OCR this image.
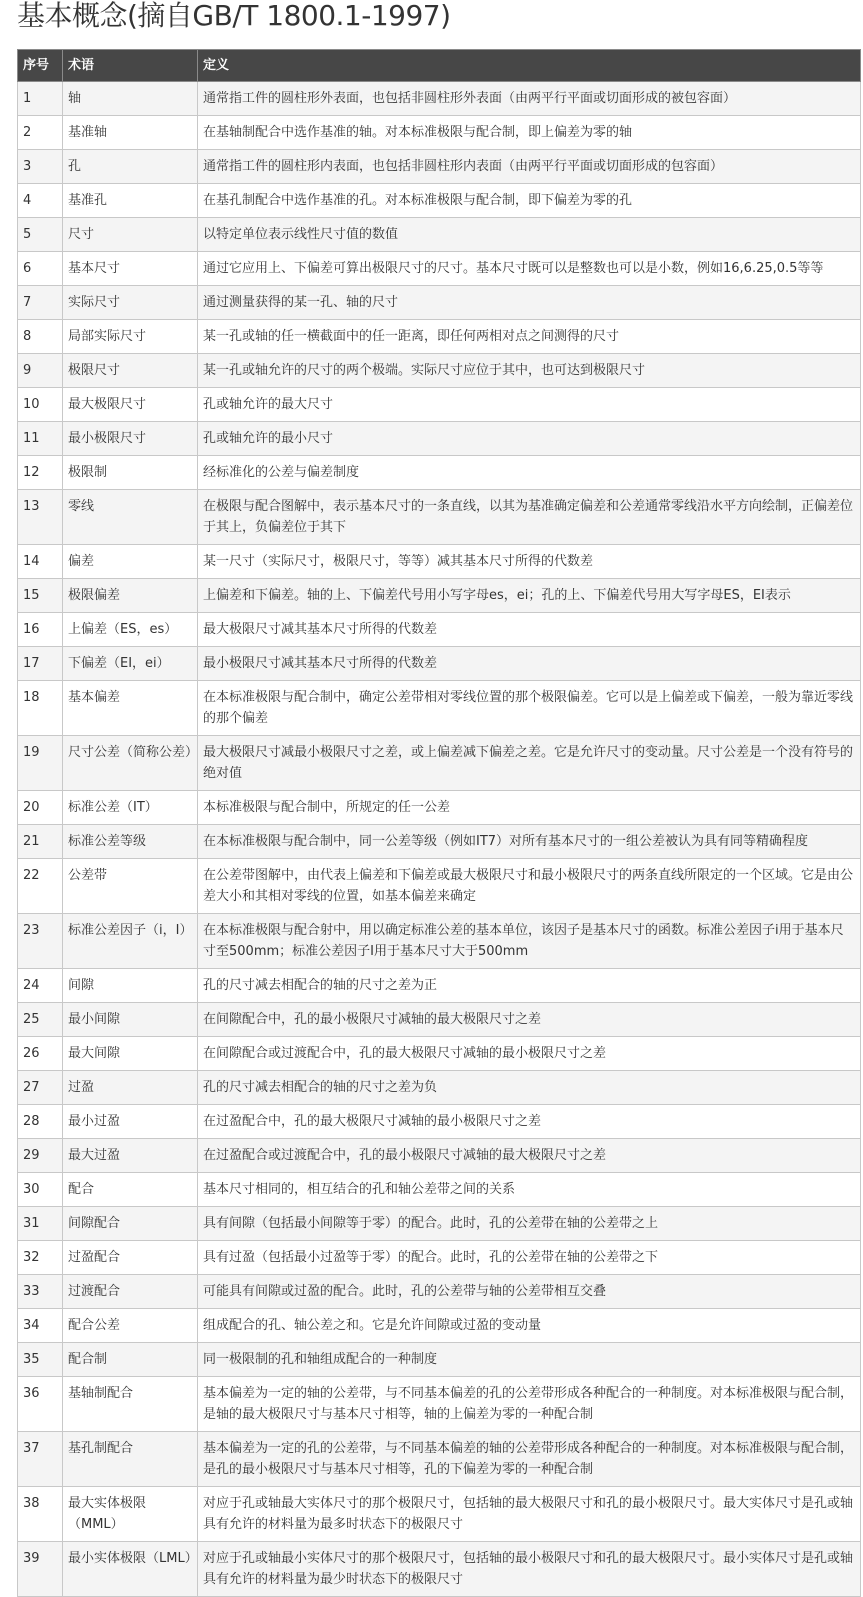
基本概念(摘自GB/T 1800.1-1997)
序号	术语	定义
1	轴	通常指工件的圆柱形外表面，也包括非圆柱形外表面（由两平行平面或切面形成的被包容面）
2	基准轴	在基轴制配合中选作基准的轴。对本标准极限与配合制，即上偏差为零的轴
3	孔	通常指工件的圆柱形内表面，也包括非圆柱形内表面（由两平行平面或切面形成的包容面）
4	基准孔	在基孔制配合中选作基准的孔。对本标准极限与配合制，即下偏差为零的孔
5	尺寸	以特定单位表示线性尺寸值的数值
6	基本尺寸	通过它应用上、下偏差可算出极限尺寸的尺寸。基本尺寸既可以是整数也可以是小数，例如16,6.25,0.5等等
7	实际尺寸	通过测量获得的某一孔、轴的尺寸
8	局部实际尺寸	某一孔或轴的任一横截面中的任一距离，即任何两相对点之间测得的尺寸
9	极限尺寸	某一孔或轴允许的尺寸的两个极端。实际尺寸应位于其中，也可达到极限尺寸
10	最大极限尺寸	孔或轴允许的最大尺寸
11	最小极限尺寸	孔或轴允许的最小尺寸
12	极限制	经标准化的公差与偏差制度
13	零线	在极限与配合图解中，表示基本尺寸的一条直线，以其为基准确定偏差和公差通常零线沿水平方向绘制，正偏差位于其上，负偏差位于其下
14	偏差	某一尺寸（实际尺寸，极限尺寸，等等）减其基本尺寸所得的代数差
15	极限偏差	上偏差和下偏差。轴的上、下偏差代号用小写字母es，ei；孔的上、下偏差代号用大写字母ES，EI表示
16	上偏差（ES，es）	最大极限尺寸减其基本尺寸所得的代数差
17	下偏差（EI，ei）	最小极限尺寸减其基本尺寸所得的代数差
18	基本偏差	在本标准极限与配合制中，确定公差带相对零线位置的那个极限偏差。它可以是上偏差或下偏差，一般为靠近零线的那个偏差
19	尺寸公差（简称公差）	最大极限尺寸减最小极限尺寸之差，或上偏差减下偏差之差。它是允许尺寸的变动量。尺寸公差是一个没有符号的绝对值
20	标准公差（IT）	本标准极限与配合制中，所规定的任一公差
21	标准公差等级	在本标准极限与配合制中，同一公差等级（例如IT7）对所有基本尺寸的一组公差被认为具有同等精确程度
22	公差带	在公差带图解中，由代表上偏差和下偏差或最大极限尺寸和最小极限尺寸的两条直线所限定的一个区域。它是由公差大小和其相对零线的位置，如基本偏差来确定
23	标准公差因子（i，I）	在本标准极限与配合射中，用以确定标准公差的基本单位，该因子是基本尺寸的函数。标准公差因子i用于基本尺寸至500mm；标准公差因子I用于基本尺寸大于500mm
24	间隙	孔的尺寸减去相配合的轴的尺寸之差为正
25	最小间隙	在间隙配合中，孔的最小极限尺寸减轴的最大极限尺寸之差
26	最大间隙	在间隙配合或过渡配合中，孔的最大极限尺寸减轴的最小极限尺寸之差
27	过盈	孔的尺寸减去相配合的轴的尺寸之差为负
28	最小过盈	在过盈配合中，孔的最大极限尺寸减轴的最小极限尺寸之差
29	最大过盈	在过盈配合或过渡配合中，孔的最小极限尺寸减轴的最大极限尺寸之差
30	配合	基本尺寸相同的，相互结合的孔和轴公差带之间的关系
31	间隙配合	具有间隙（包括最小间隙等于零）的配合。此时，孔的公差带在轴的公差带之上
32	过盈配合	具有过盈（包括最小过盈等于零）的配合。此时，孔的公差带在轴的公差带之下
33	过渡配合	可能具有间隙或过盈的配合。此时，孔的公差带与轴的公差带相互交叠
34	配合公差	组成配合的孔、轴公差之和。它是允许间隙或过盈的变动量
35	配合制	同一极限制的孔和轴组成配合的一种制度
36	基轴制配合	基本偏差为一定的轴的公差带，与不同基本偏差的孔的公差带形成各种配合的一种制度。对本标准极限与配合制，是轴的最大极限尺寸与基本尺寸相等，轴的上偏差为零的一种配合制
37	基孔制配合	基本偏差为一定的孔的公差带，与不同基本偏差的轴的公差带形成各种配合的一种制度。对本标准极限与配合制，是孔的最小极限尺寸与基本尺寸相等，孔的下偏差为零的一种配合制
38	最大实体极限（MML）	对应于孔或轴最大实体尺寸的那个极限尺寸，包括轴的最大极限尺寸和孔的最小极限尺寸。最大实体尺寸是孔或轴具有允许的材料量为最多时状态下的极限尺寸
39	最小实体极限（LML）	对应于孔或轴最小实体尺寸的那个极限尺寸，包括轴的最小极限尺寸和孔的最大极限尺寸。最小实体尺寸是孔或轴具有允许的材料量为最少时状态下的极限尺寸
